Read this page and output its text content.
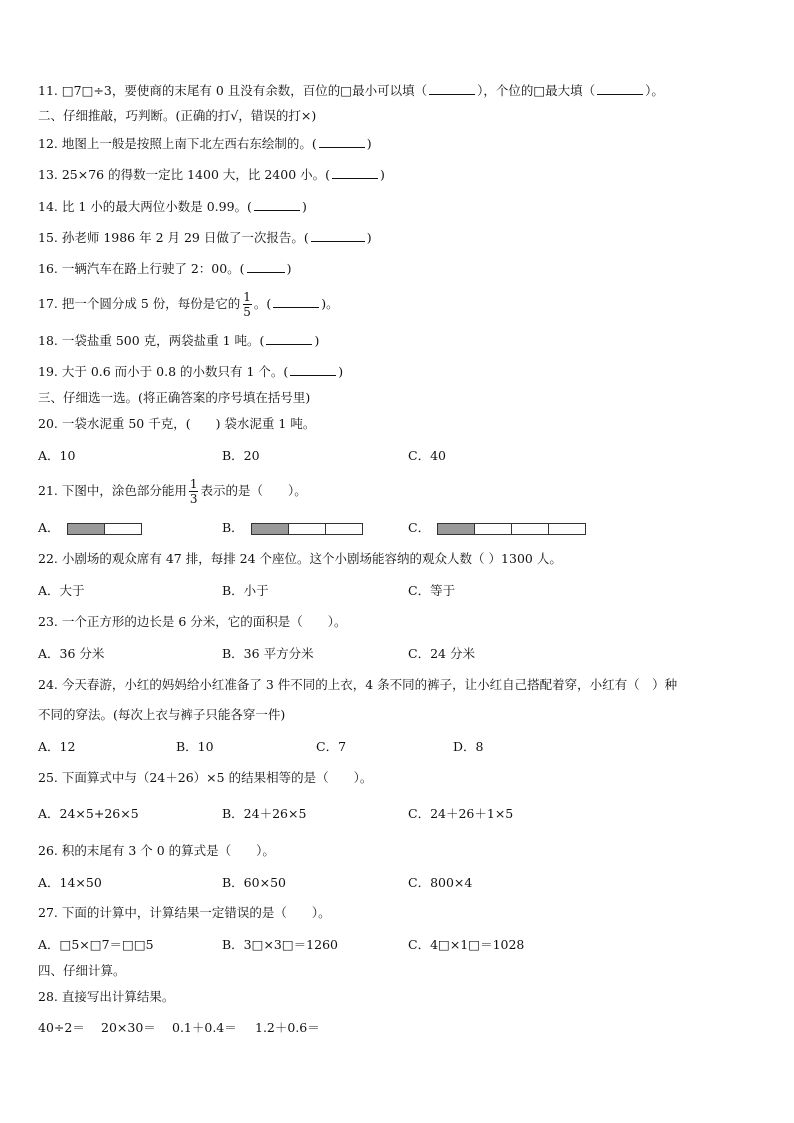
11. □7□÷3，要使商的末尾有 0 且没有余数，百位的□最小可以填（	），个位的□最大填（	）。
二、仔细推敲，巧判断。(正确的打√，错误的打×)
12. 地图上一般是按照上南下北左西右东绘制的。(	)
13. 25×76 的得数一定比 1400 大，比 2400 小。(	)
14. 比 1 小的最大两位小数是 0.99。(	)
15. 孙老师 1986 年 2 月 29 日做了一次报告。(	)
16. 一辆汽车在路上行驶了 2：00。(	)
17. 把一个圆分成 5 份，每份是它的 $\frac{1}{5}$ 。(	)。
18. 一袋盐重 500 克，两袋盐重 1 吨。(	)
19. 大于 0.6 而小于 0.8 的小数只有 1 个。(	)
三、仔细选一选。(将正确答案的序号填在括号里)
20. 一袋水泥重 50 千克，(　　) 袋水泥重 1 吨。
A．10	B．20	C．40
21. 下图中，涂色部分能用 $\frac{1}{3}$ 表示的是（　　）。
A．	B．	C．
22. 小剧场的观众席有 47 排，每排 24 个座位。这个小剧场能容纳的观众人数（ ）1300 人。
A．大于	B．小于	C．等于
23. 一个正方形的边长是 6 分米，它的面积是（　　）。
A．36 分米	B．36 平方分米	C．24 分米
24. 今天春游，小红的妈妈给小红准备了 3 件不同的上衣，4 条不同的裤子，让小红自己搭配着穿，小红有（　）种
不同的穿法。(每次上衣与裤子只能各穿一件)
A．12	B．10	C．7	D．8
25. 下面算式中与（24＋26）×5 的结果相等的是（　　）。
A．24×5+26×5	B．24＋26×5	C．24＋26＋1×5
26. 积的末尾有 3 个 0 的算式是（　　）。
A．14×50	B．60×50	C．800×4
27. 下面的计算中，计算结果一定错误的是（　　）。
A．□5×□7＝□□5	B．3□×3□＝1260	C．4□×1□＝1028
四、仔细计算。
28. 直接写出计算结果。
40÷2＝ 20×30＝ 0.1＋0.4＝ 1.2＋0.6＝
